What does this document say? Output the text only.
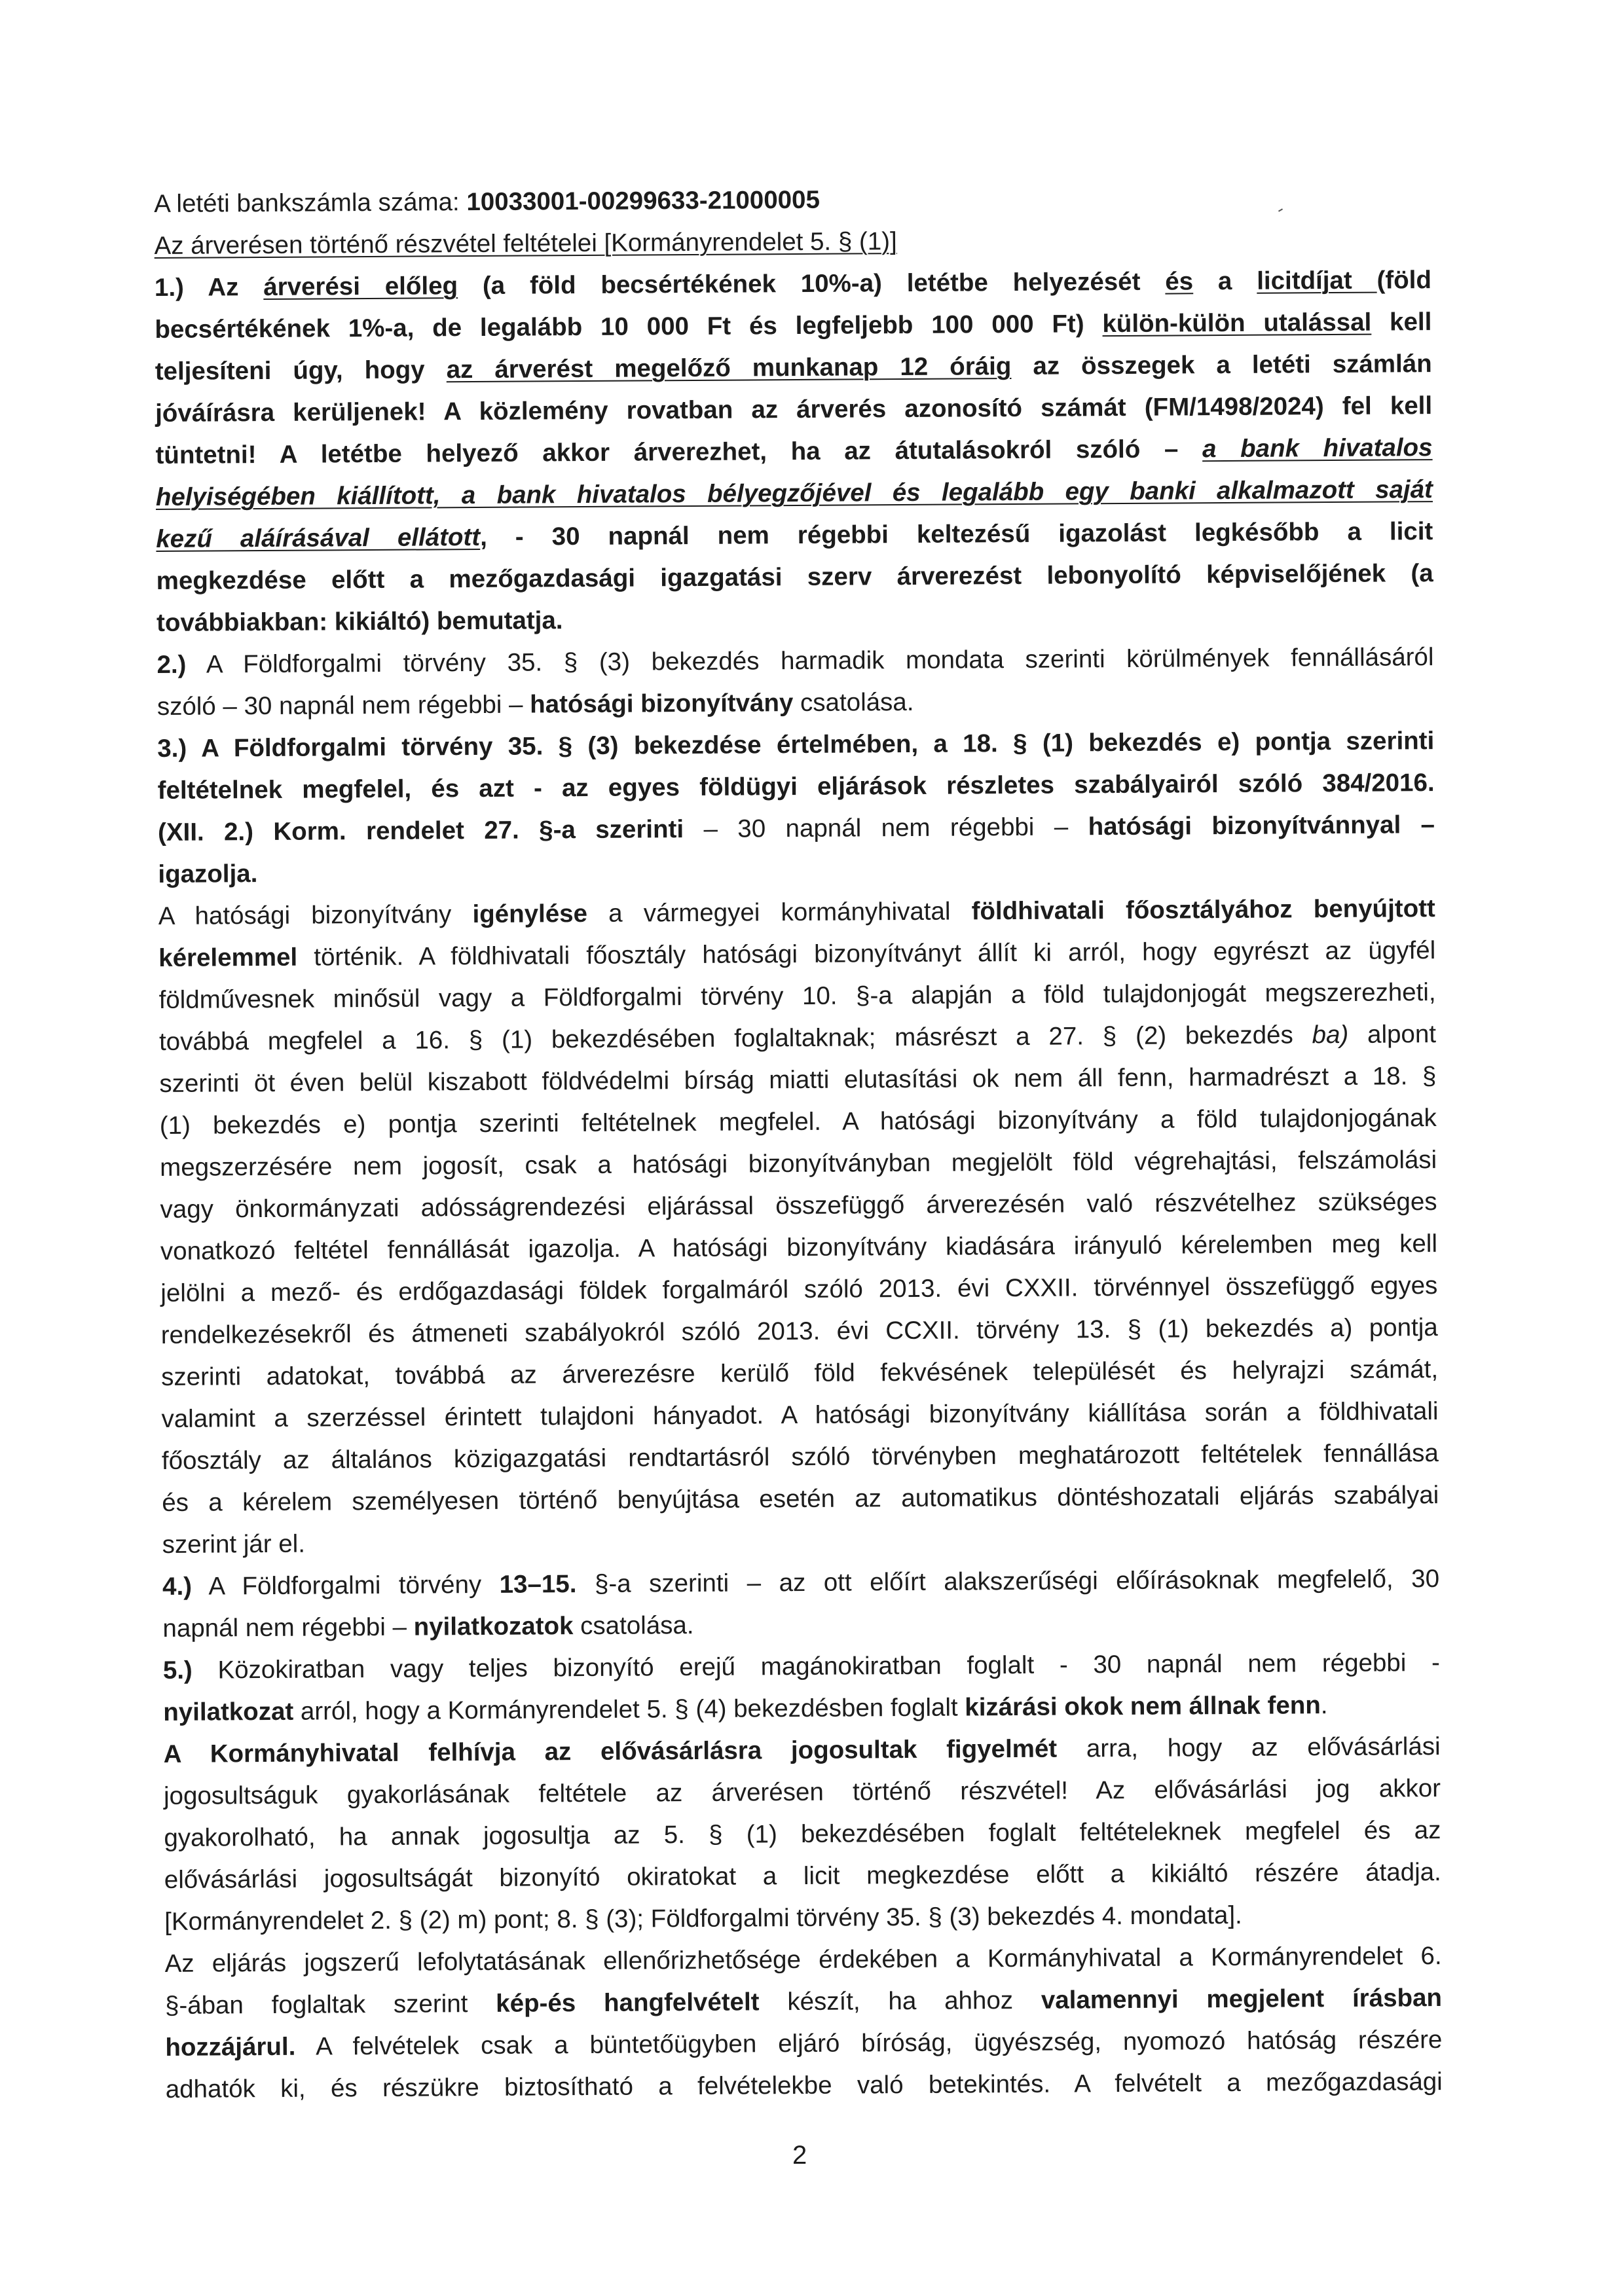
A letéti bankszámla száma: 10033001-00299633-21000005
Az árverésen történő részvétel feltételei [Kormányrendelet 5. § (1)]
1.) Az árverési előleg (a föld becsértékének 10%-a) letétbe helyezését és a licitdíjat (föld
becsértékének 1%-a, de legalább 10 000 Ft és legfeljebb 100 000 Ft) külön-külön utalással kell
teljesíteni úgy, hogy az árverést megelőző munkanap 12 óráig az összegek a letéti számlán
jóváírásra kerüljenek! A közlemény rovatban az árverés azonosító számát (FM/1498/2024) fel kell
tüntetni! A letétbe helyező akkor árverezhet, ha az átutalásokról szóló – a bank hivatalos
helyiségében kiállított, a bank hivatalos bélyegzőjével és legalább egy banki alkalmazott saját
kezű aláírásával ellátott, - 30 napnál nem régebbi keltezésű igazolást legkésőbb a licit
megkezdése előtt a mezőgazdasági igazgatási szerv árverezést lebonyolító képviselőjének (a
továbbiakban: kikiáltó) bemutatja.
2.) A Földforgalmi törvény 35. § (3) bekezdés harmadik mondata szerinti körülmények fennállásáról
szóló – 30 napnál nem régebbi – hatósági bizonyítvány csatolása.
3.) A Földforgalmi törvény 35. § (3) bekezdése értelmében, a 18. § (1) bekezdés e) pontja szerinti
feltételnek megfelel, és azt - az egyes földügyi eljárások részletes szabályairól szóló 384/2016.
(XII. 2.) Korm. rendelet 27. §-a szerinti – 30 napnál nem régebbi – hatósági bizonyítvánnyal –
igazolja.
A hatósági bizonyítvány igénylése a vármegyei kormányhivatal földhivatali főosztályához benyújtott
kérelemmel történik. A földhivatali főosztály hatósági bizonyítványt állít ki arról, hogy egyrészt az ügyfél
földművesnek minősül vagy a Földforgalmi törvény 10. §-a alapján a föld tulajdonjogát megszerezheti,
továbbá megfelel a 16. § (1) bekezdésében foglaltaknak; másrészt a 27. § (2) bekezdés ba) alpont
szerinti öt éven belül kiszabott földvédelmi bírság miatti elutasítási ok nem áll fenn, harmadrészt a 18. §
(1) bekezdés e) pontja szerinti feltételnek megfelel. A hatósági bizonyítvány a föld tulajdonjogának
megszerzésére nem jogosít, csak a hatósági bizonyítványban megjelölt föld végrehajtási, felszámolási
vagy önkormányzati adósságrendezési eljárással összefüggő árverezésén való részvételhez szükséges
vonatkozó feltétel fennállását igazolja. A hatósági bizonyítvány kiadására irányuló kérelemben meg kell
jelölni a mező- és erdőgazdasági földek forgalmáról szóló 2013. évi CXXII. törvénnyel összefüggő egyes
rendelkezésekről és átmeneti szabályokról szóló 2013. évi CCXII. törvény 13. § (1) bekezdés a) pontja
szerinti adatokat, továbbá az árverezésre kerülő föld fekvésének települését és helyrajzi számát,
valamint a szerzéssel érintett tulajdoni hányadot. A hatósági bizonyítvány kiállítása során a földhivatali
főosztály az általános közigazgatási rendtartásról szóló törvényben meghatározott feltételek fennállása
és a kérelem személyesen történő benyújtása esetén az automatikus döntéshozatali eljárás szabályai
szerint jár el.
4.) A Földforgalmi törvény 13–15. §-a szerinti – az ott előírt alakszerűségi előírásoknak megfelelő, 30
napnál nem régebbi – nyilatkozatok csatolása.
5.) Közokiratban vagy teljes bizonyító erejű magánokiratban foglalt - 30 napnál nem régebbi -
nyilatkozat arról, hogy a Kormányrendelet 5. § (4) bekezdésben foglalt kizárási okok nem állnak fenn.
A Kormányhivatal felhívja az elővásárlásra jogosultak figyelmét arra, hogy az elővásárlási
jogosultságuk gyakorlásának feltétele az árverésen történő részvétel! Az elővásárlási jog akkor
gyakorolható, ha annak jogosultja az 5. § (1) bekezdésében foglalt feltételeknek megfelel és az
elővásárlási jogosultságát bizonyító okiratokat a licit megkezdése előtt a kikiáltó részére átadja.
[Kormányrendelet 2. § (2) m) pont; 8. § (3); Földforgalmi törvény 35. § (3) bekezdés 4. mondata].
Az eljárás jogszerű lefolytatásának ellenőrizhetősége érdekében a Kormányhivatal a Kormányrendelet 6.
§-ában foglaltak szerint kép-és hangfelvételt készít, ha ahhoz valamennyi megjelent írásban
hozzájárul. A felvételek csak a büntetőügyben eljáró bíróság, ügyészség, nyomozó hatóság részére
adhatók ki, és részükre biztosítható a felvételekbe való betekintés. A felvételt a mezőgazdasági
2
